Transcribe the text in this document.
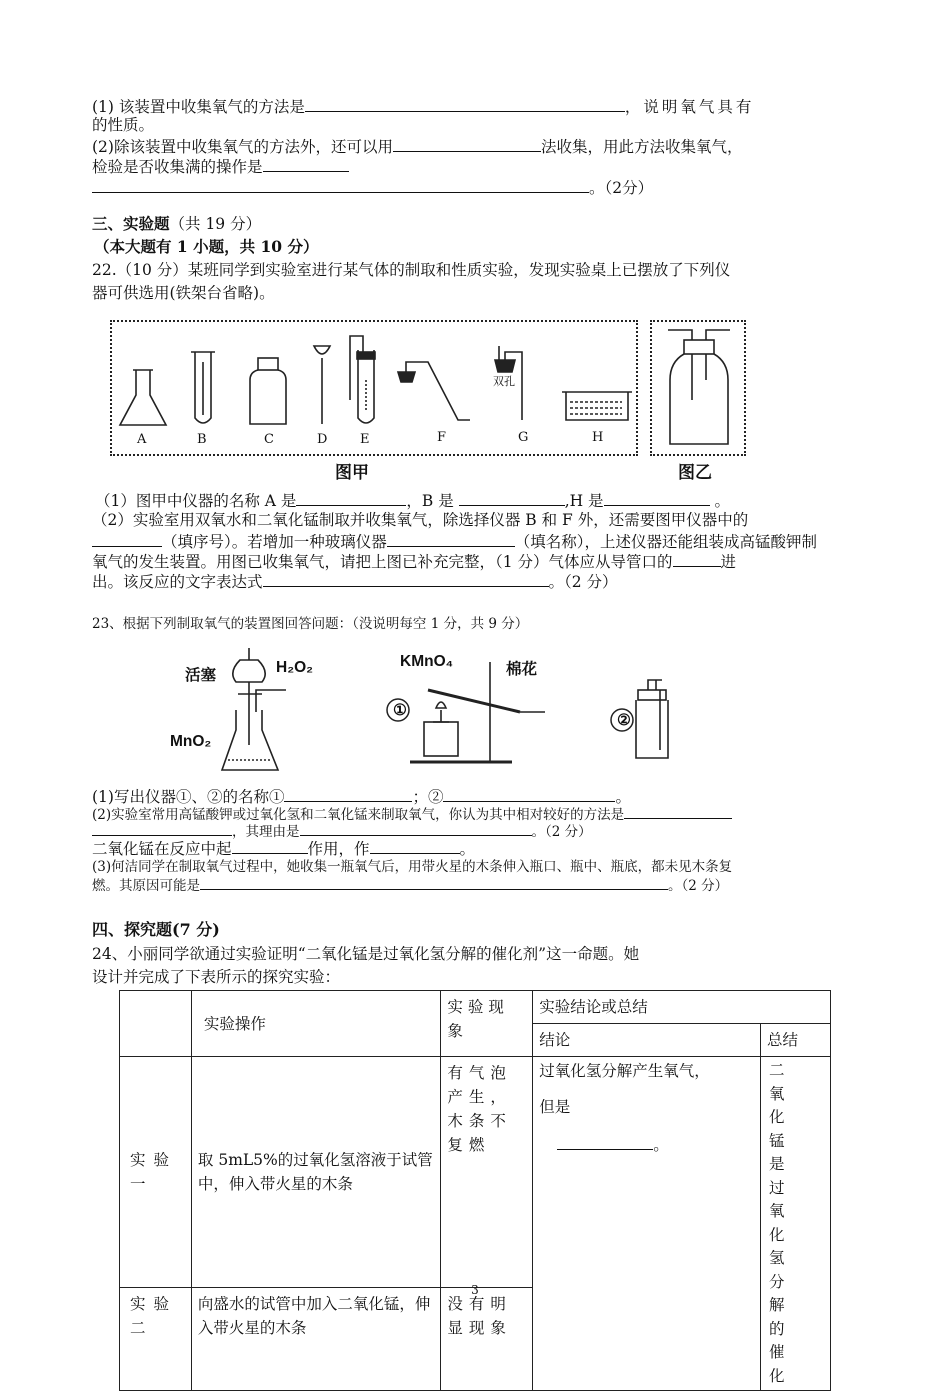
(1) 该装置中收集氧气的方法是	，说明氧气具有
的性质。
(2)除该装置中收集氧气的方法外，还可以用	法收集，用此方法收集氧气，
检验是否收集满的操作是
。（2分）
三、实验题（共 19 分）
（本大题有 1 小题，共 10 分）
22.（10 分）某班同学到实验室进行某气体的制取和性质实验，发现实验桌上已摆放了下列仪
器可供选用(铁架台省略)。
A	B	C	D	E	F	G	H
双孔
图甲	图乙
（1）图甲中仪器的名称 A 是	，B 是	,H 是	。
（2）实验室用双氧水和二氧化锰制取并收集氧气，除选择仪器 B 和 F 外，还需要图甲仪器中的
（填序号）。若增加一种玻璃仪器	（填名称），上述仪器还能组装成高锰酸钾制
氧气的发生装置。用图已收集氧气，请把上图已补充完整，（1 分）气体应从导管口的	进
出。该反应的文字表达式	。（2 分）
23、根据下列制取氧气的装置图回答问题：（没说明每空 1 分，共 9 分）
活塞	H₂O₂
MnO₂
KMnO₄	棉花
①
②
(1)写出仪器①、②的名称①	；②	。
(2)实验室常用高锰酸钾或过氧化氢和二氧化锰来制取氧气，你认为其中相对较好的方法是
，其理由是	。（2 分）
二氧化锰在反应中起	作用，作	。
(3)何洁同学在制取氧气过程中，她收集一瓶氧气后，用带火星的木条伸入瓶口、瓶中、瓶底，都未见木条复
燃。其原因可能是	。（2 分）
四、探究题(7 分)
24、小丽同学欲通过实验证明“二氧化锰是过氧化氢分解的催化剂”这一命题。她
设计并完成了下表所示的探究实验：
	实验操作	实验现象	实验结论或总结	
			结论	总结
实验一	取 5mL5%的过氧化氢溶液于试管中，伸入带火星的木条	有气泡产生，木条不复燃	过氧化氢分解产生氧气，
但是
。	二氧化锰是过氧化氢分解的催化
实验二	向盛水的试管中加入二氧化锰，伸入带火星的木条	没有明显现象		
3
